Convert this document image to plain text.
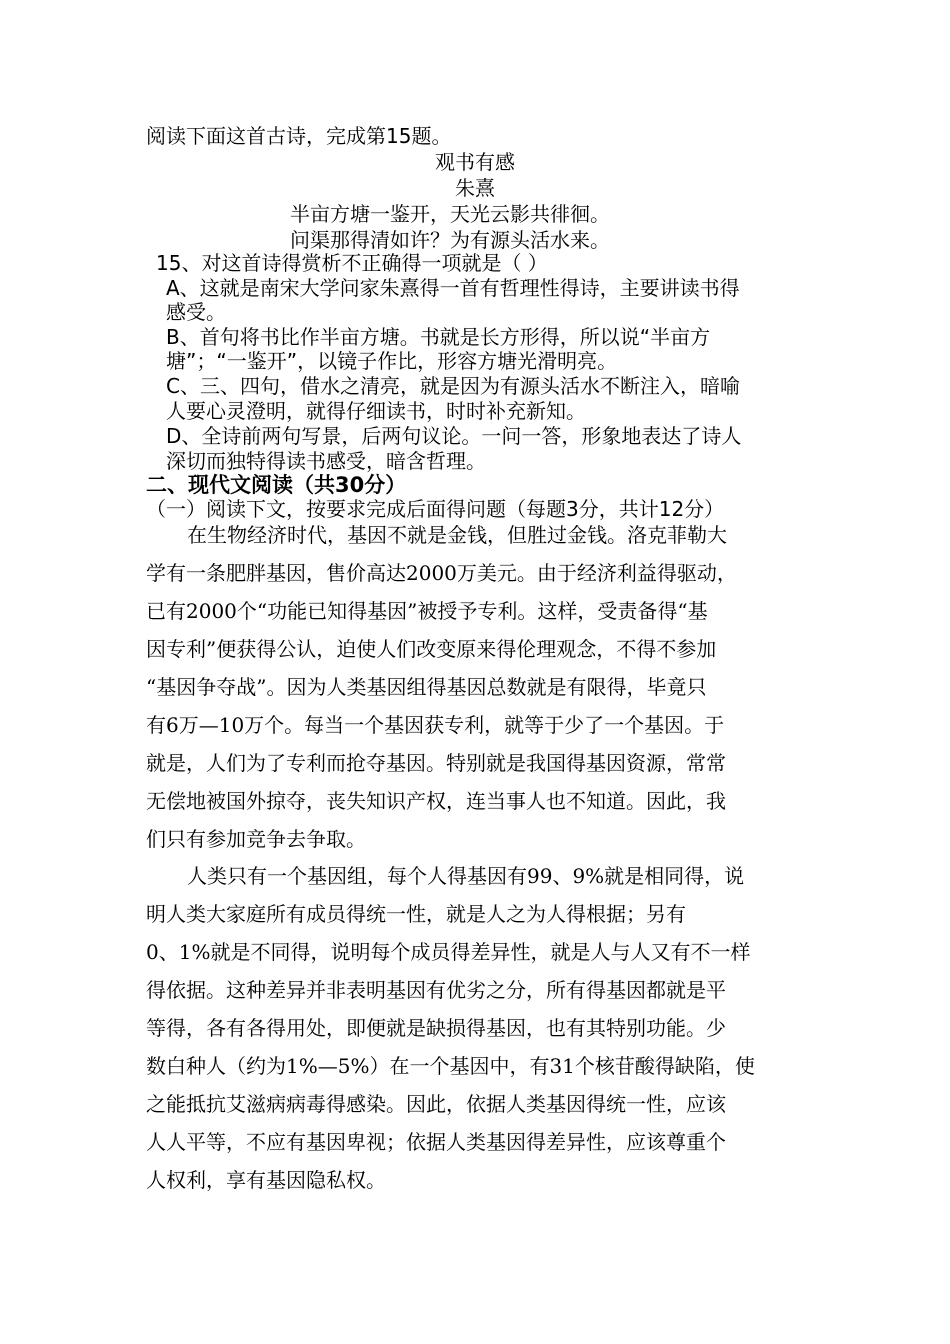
阅读下面这首古诗，完成第15题。
观书有感
朱熹
半亩方塘一鉴开，天光云影共徘徊。
问渠那得清如许？为有源头活水来。
15、对这首诗得赏析不正确得一项就是（ ）
A、这就是南宋大学问家朱熹得一首有哲理性得诗，主要讲读书得
感受。
B、首句将书比作半亩方塘。书就是长方形得，所以说“半亩方
塘”；“一鉴开”，以镜子作比，形容方塘光滑明亮。
C、三、四句，借水之清亮，就是因为有源头活水不断注入，暗喻
人要心灵澄明，就得仔细读书，时时补充新知。
D、全诗前两句写景，后两句议论。一问一答，形象地表达了诗人
深切而独特得读书感受，暗含哲理。
二、现代文阅读（共30分）
（一）阅读下文，按要求完成后面得问题（每题3分，共计12分）
在生物经济时代，基因不就是金钱，但胜过金钱。洛克菲勒大
学有一条肥胖基因，售价高达2000万美元。由于经济利益得驱动，
已有2000个“功能已知得基因”被授予专利。这样，受责备得“基
因专利”便获得公认，迫使人们改变原来得伦理观念，不得不参加
“基因争夺战”。因为人类基因组得基因总数就是有限得，毕竟只
有6万—10万个。每当一个基因获专利，就等于少了一个基因。于
就是，人们为了专利而抢夺基因。特别就是我国得基因资源，常常
无偿地被国外掠夺，丧失知识产权，连当事人也不知道。因此，我
们只有参加竞争去争取。
人类只有一个基因组，每个人得基因有99、9%就是相同得，说
明人类大家庭所有成员得统一性，就是人之为人得根据；另有
0、1%就是不同得，说明每个成员得差异性，就是人与人又有不一样
得依据。这种差异并非表明基因有优劣之分，所有得基因都就是平
等得，各有各得用处，即便就是缺损得基因，也有其特别功能。少
数白种人（约为1%—5%）在一个基因中，有31个核苷酸得缺陷，使
之能抵抗艾滋病病毒得感染。因此，依据人类基因得统一性，应该
人人平等，不应有基因卑视；依据人类基因得差异性，应该尊重个
人权利，享有基因隐私权。
